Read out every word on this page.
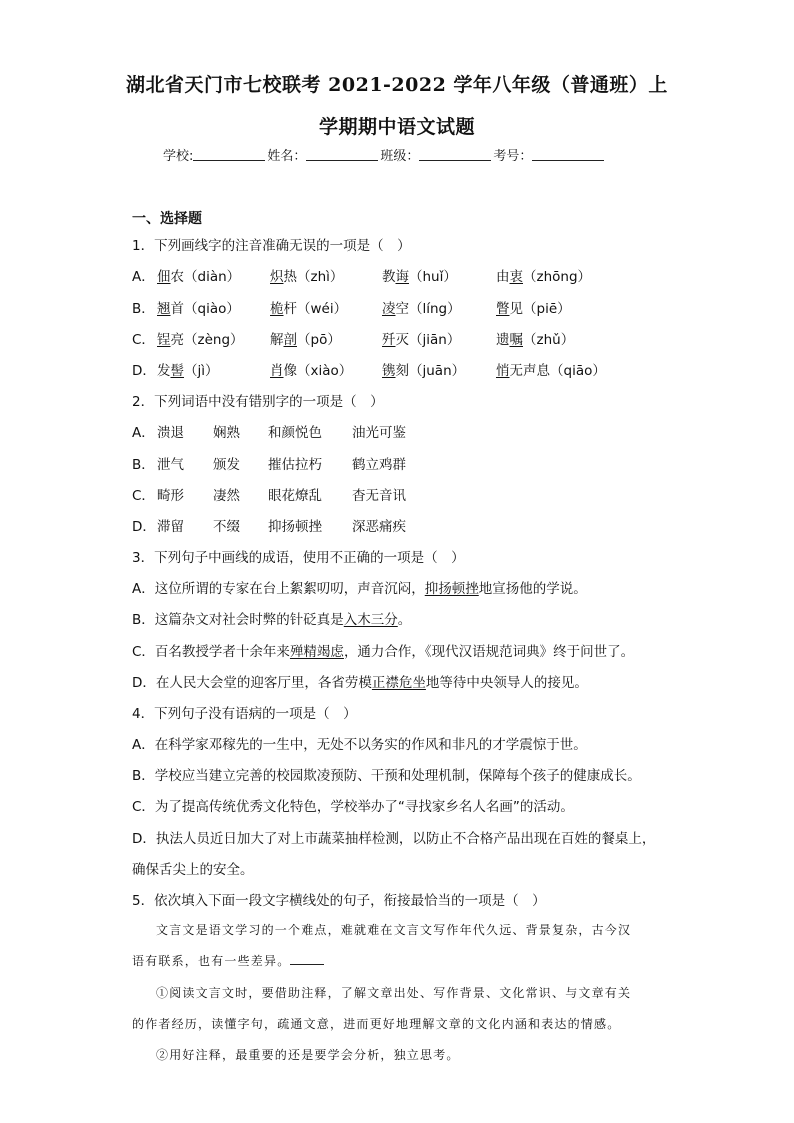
湖北省天门市七校联考 2021-2022 学年八年级（普通班）上
学期期中语文试题
学校:	姓名：	班级：	考号：
一、选择题
1．下列画线字的注音准确无误的一项是（　）
A． 佃农（diàn） 炽热（zhì）	教诲（huǐ）	由衷（zhōng）
B． 翘首（qiào） 桅杆（wéi）	凌空（líng）	瞥见（piē）
C． 锃亮（zèng） 解剖（pō）	歼灭（jiān）	遗嘱（zhǔ）
D． 发髻（jì）	肖像（xiào） 镌刻（juān） 悄无声息（qiāo）
2．下列词语中没有错别字的一项是（　）
A． 溃退 娴熟 和颜悦色 油光可鉴
B． 泄气 颁发 摧估拉朽 鹤立鸡群
C． 畸形 凄然 眼花燎乱 杳无音讯
D． 滞留 不缀 抑扬顿挫 深恶痛疾
3．下列句子中画线的成语，使用不正确的一项是（　）
A．这位所谓的专家在台上絮絮叨叨，声音沉闷，抑扬顿挫地宣扬他的学说。
B．这篇杂文对社会时弊的针砭真是入木三分。
C．百名教授学者十余年来殚精竭虑，通力合作，《现代汉语规范词典》终于问世了。
D．在人民大会堂的迎客厅里，各省劳模正襟危坐地等待中央领导人的接见。
4．下列句子没有语病的一项是（　）
A．在科学家邓稼先的一生中，无处不以务实的作风和非凡的才学震惊于世。
B．学校应当建立完善的校园欺凌预防、干预和处理机制，保障每个孩子的健康成长。
C．为了提高传统优秀文化特色，学校举办了“寻找家乡名人名画”的活动。
D．执法人员近日加大了对上市蔬菜抽样检测，以防止不合格产品出现在百姓的餐桌上，
确保舌尖上的安全。
5．依次填入下面一段文字横线处的句子，衔接最恰当的一项是（　）
文言文是语文学习的一个难点，难就难在文言文写作年代久远、背景复杂，古今汉
语有联系，也有一些差异。
①阅读文言文时，要借助注释，了解文章出处、写作背景、文化常识、与文章有关
的作者经历，读懂字句，疏通文意，进而更好地理解文章的文化内涵和表达的情感。
②用好注释，最重要的还是要学会分析，独立思考。
